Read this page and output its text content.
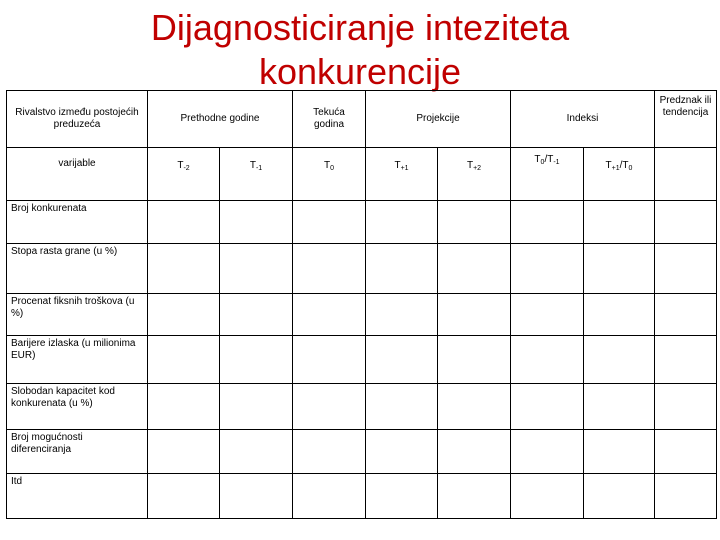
Dijagnosticiranje inteziteta
konkurencije
Rivalstvo između postojećih preduzeća	Prethodne godine		Tekuća godina	Projekcije		Indeksi		Predznak ili tendencija
varijable	$T_{-2}$	$T_{-1}$	$T_0$	$T_{+1}$	$T_{+2}$	$T_0/T_{-1}$	$T_{+1}/T_0$	
Broj konkurenata								
Stopa rasta grane (u %)								
Procenat fiksnih troškova (u %)								
Barijere izlaska (u milionima EUR)								
Slobodan kapacitet kod konkurenata (u %)								
Broj mogućnosti diferenciranja								
Itd								
